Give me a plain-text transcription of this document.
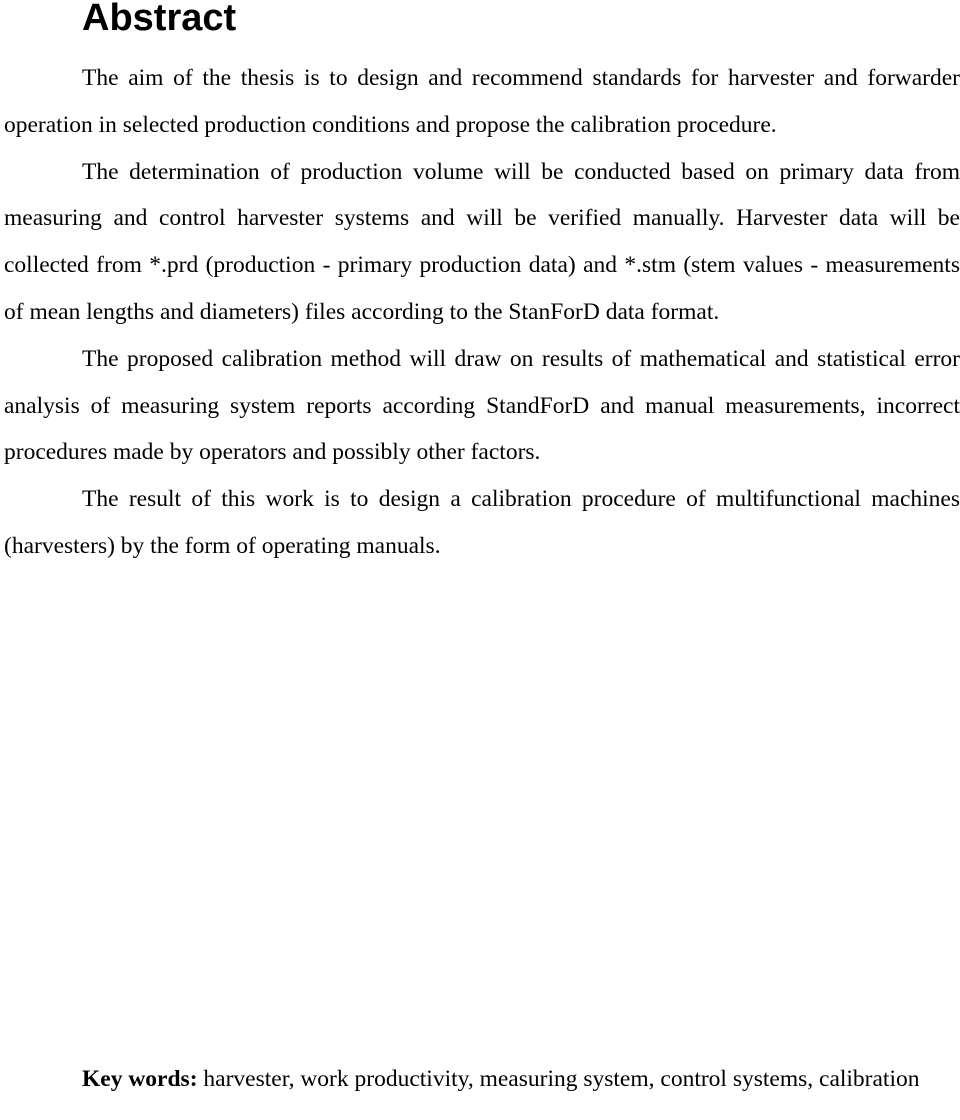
Abstract

The aim of the thesis is to design and recommend standards for harvester and forwarder operation in selected production conditions and propose the calibration procedure.

The determination of production volume will be conducted based on primary data from measuring and control harvester systems and will be verified manually. Harvester data will be collected from *.prd (production - primary production data) and *.stm (stem values - measurements of mean lengths and diameters) files according to the StanForD data format.

The proposed calibration method will draw on results of mathematical and statistical error analysis of measuring system reports according StandForD and manual measurements, incorrect procedures made by operators and possibly other factors.

The result of this work is to design a calibration procedure of multifunctional machines (harvesters) by the form of operating manuals.

Key words: harvester, work productivity, measuring system, control systems, calibration
